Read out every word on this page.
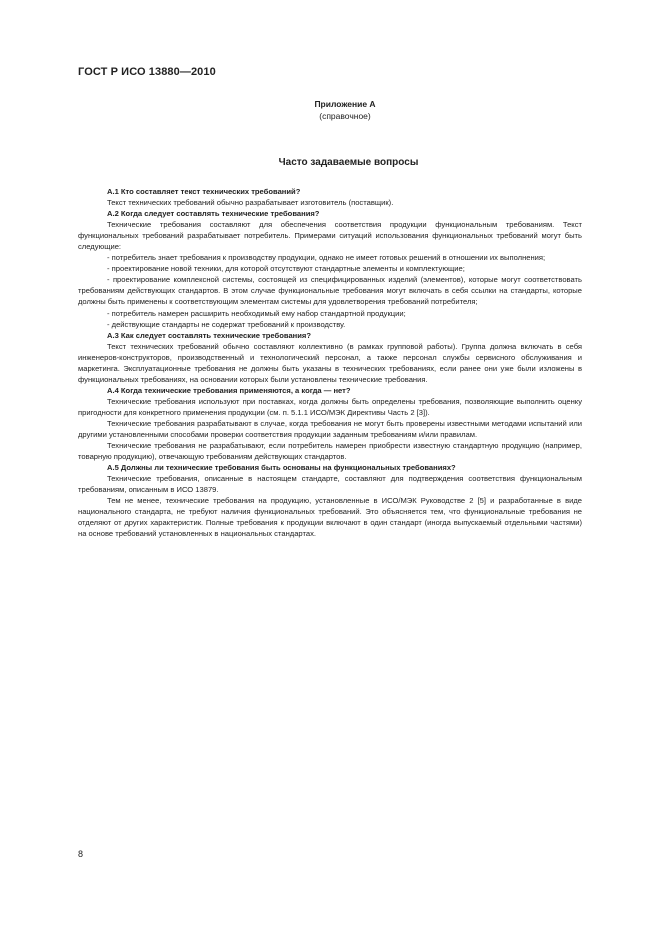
ГОСТ Р ИСО 13880—2010
Приложение А
(справочное)
Часто задаваемые вопросы

A.1 Кто составляет текст технических требований?

Текст технических требований обычно разрабатывает изготовитель (поставщик).

A.2 Когда следует составлять технические требования?

Технические требования составляют для обеспечения соответствия продукции функциональным требованиям. Текст функциональных требований разрабатывает потребитель. Примерами ситуаций использования функциональных требований могут быть следующие:

- потребитель знает требования к производству продукции, однако не имеет готовых решений в отношении их выполнения;

- проектирование новой техники, для которой отсутствуют стандартные элементы и комплектующие;

- проектирование комплексной системы, состоящей из специфицированных изделий (элементов), которые могут соответствовать требованиям действующих стандартов. В этом случае функциональные требования могут включать в себя ссылки на стандарты, которые должны быть применены к соответствующим элементам системы для удовлетворения требований потребителя;

- потребитель намерен расширить необходимый ему набор стандартной продукции;

- действующие стандарты не содержат требований к производству.

A.3 Как следует составлять технические требования?

Текст технических требований обычно составляют коллективно (в рамках групповой работы). Группа должна включать в себя инженеров-конструкторов, производственный и технологический персонал, а также персонал службы сервисного обслуживания и маркетинга. Эксплуатационные требования не должны быть указаны в технических требованиях, если ранее они уже были изложены в функциональных требованиях, на основании которых были установлены технические требования.

A.4 Когда технические требования применяются, а когда — нет?

Технические требования используют при поставках, когда должны быть определены требования, позволяющие выполнить оценку пригодности для конкретного применения продукции (см. п. 5.1.1 ИСО/МЭК Директивы Часть 2 [3]).

Технические требования разрабатывают в случае, когда требования не могут быть проверены известными методами испытаний или другими установленными способами проверки соответствия продукции заданным требованиям и/или правилам.

Технические требования не разрабатывают, если потребитель намерен приобрести известную стандартную продукцию (например, товарную продукцию), отвечающую требованиям действующих стандартов.

A.5 Должны ли технические требования быть основаны на функциональных требованиях?

Технические требования, описанные в настоящем стандарте, составляют для подтверждения соответствия функциональным требованиям, описанным в ИСО 13879.

Тем не менее, технические требования на продукцию, установленные в ИСО/МЭК Руководстве 2 [5] и разработанные в виде национального стандарта, не требуют наличия функциональных требований. Это объясняется тем, что функциональные требования не отделяют от других характеристик. Полные требования к продукции включают в один стандарт (иногда выпускаемый отдельными частями) на основе требований установленных в национальных стандартах.

8
